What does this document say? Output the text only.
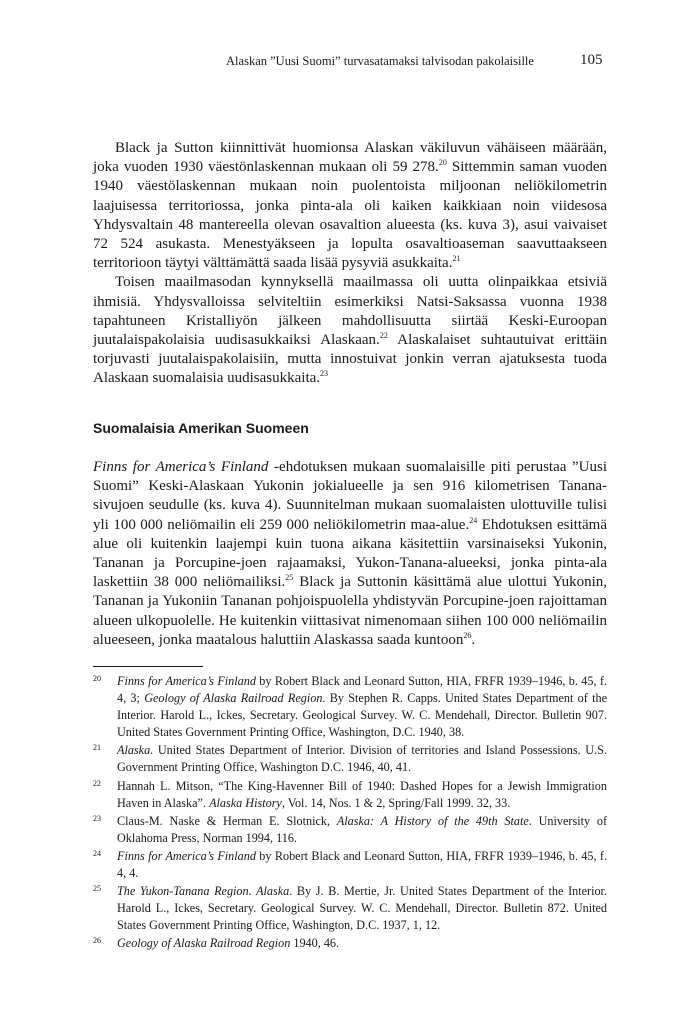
Alaskan ”Uusi Suomi” turvasatamaksi talvisodan pakolaisille	105

Black ja Sutton kiinnittivät huomionsa Alaskan väkiluvun vähäiseen määrään, joka vuoden 1930 väestönlaskennan mukaan oli 59 278.20 Sittemmin saman vuoden 1940 väestölaskennan mukaan noin puolentoista miljoonan neliökilometrin laajuisessa territoriossa, jonka pinta-ala oli kaiken kaikkiaan noin viidesosa Yhdysvaltain 48 mantereella olevan osavaltion alueesta (ks. kuva 3), asui vaivaiset 72 524 asukasta. Menestyäkseen ja lopulta osavaltioaseman saavuttaakseen territorioon täytyi välttämättä saada lisää pysyviä asukkaita.$^{21}$

Toisen maailmasodan kynnyksellä maailmassa oli uutta olinpaikkaa etsiviä ihmisiä. Yhdysvalloissa selviteltiin esimerkiksi Natsi-Saksassa vuonna 1938 tapahtuneen Kristalliyön jälkeen mahdollisuutta siirtää Keski-Euroopan juutalaispakolaisia uudisasukkaiksi Alaskaan.$^{22}$ Alaskalaiset suhtautuivat erittäin torjuvasti juutalaispakolaisiin, mutta innostuivat jonkin verran ajatuksesta tuoda Alaskaan suomalaisia uudisasukkaita.$^{23}$

Suomalaisia Amerikan Suomeen

Finns for America’s Finland -ehdotuksen mukaan suomalaisille piti perustaa ”Uusi Suomi” Keski-Alaskaan Yukonin jokialueelle ja sen 916 kilometrisen Tanana-sivujoen seudulle (ks. kuva 4). Suunnitelman mukaan suomalaisten ulottuville tulisi yli 100 000 neliömailin eli 259 000 neliökilometrin maa-alue.$^{24}$ Ehdotuksen esittämä alue oli kuitenkin laajempi kuin tuona aikana käsitettiin varsinaiseksi Yukonin, Tananan ja Porcupine-joen rajaamaksi, Yukon-Tanana-alueeksi, jonka pinta-ala laskettiin 38 000 neliömailiksi.$^{25}$ Black ja Suttonin käsittämä alue ulottui Yukonin, Tananan ja Yukoniin Tananan pohjoispuolella yhdistyvän Porcupine-joen rajoittaman alueen ulkopuolelle. He kuitenkin viittasivat nimenomaan siihen 100 000 neliömailin alueeseen, jonka maatalous haluttiin Alaskassa saada kuntoon$^{26}$.

20 Finns for America’s Finland by Robert Black and Leonard Sutton, HIA, FRFR 1939–1946, b. 45, f. 4, 3; Geology of Alaska Railroad Region. By Stephen R. Capps. United States Department of the Interior. Harold L., Ickes, Secretary. Geological Survey. W. C. Mendehall, Director. Bulletin 907. United States Government Printing Office, Washington, D.C. 1940, 38.
21 Alaska. United States Department of Interior. Division of territories and Island Possessions. U.S. Government Printing Office, Washington D.C. 1946, 40, 41.
22 Hannah L. Mitson, “The King-Havenner Bill of 1940: Dashed Hopes for a Jewish Immigration Haven in Alaska”. Alaska History, Vol. 14, Nos. 1 & 2, Spring/Fall 1999. 32, 33.
23 Claus-M. Naske & Herman E. Slotnick, Alaska: A History of the 49th State. University of Oklahoma Press, Norman 1994, 116.
24 Finns for America’s Finland by Robert Black and Leonard Sutton, HIA, FRFR 1939–1946, b. 45, f. 4, 4.
25 The Yukon-Tanana Region. Alaska. By J. B. Mertie, Jr. United States Department of the Interior. Harold L., Ickes, Secretary. Geological Survey. W. C. Mendehall, Director. Bulletin 872. United States Government Printing Office, Washington, D.C. 1937, 1, 12.
26 Geology of Alaska Railroad Region 1940, 46.
